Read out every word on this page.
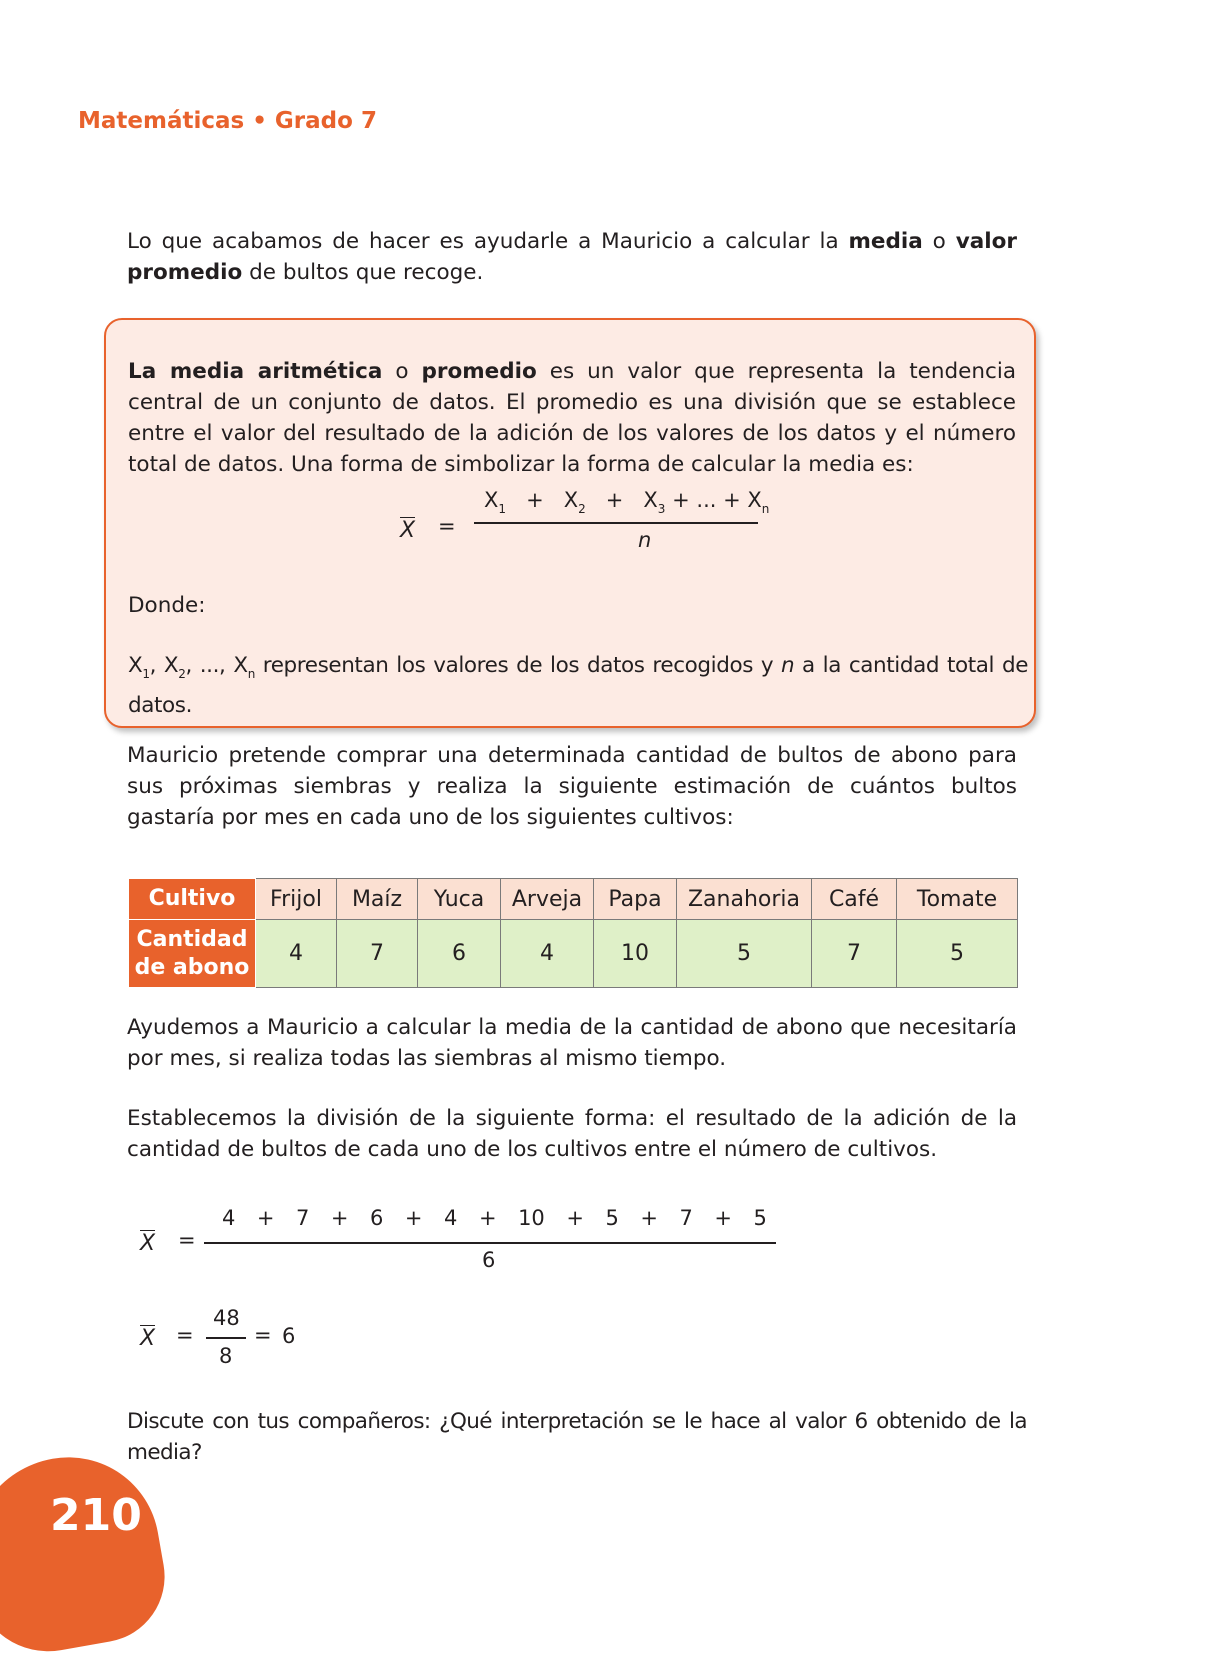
Matemáticas • Grado 7
Lo que acabamos de hacer es ayudarle a Mauricio a calcular la media o valor promedio de bultos que recoge.
La media aritmética o promedio es un valor que representa la tendencia central de un conjunto de datos. El promedio es una división que se establece entre el valor del resultado de la adición de los valores de los datos y el número total de datos. Una forma de simbolizar la forma de calcular la media es:
X =
$X_1 + X_2 + X_3$ + ... + $X_n$
n
Donde:
$X_1$, $X_2$, ..., $X_n$ representan los valores de los datos recogidos y n a la cantidad total de datos.
Mauricio pretende comprar una determinada cantidad de bultos de abono para sus próximas siembras y realiza la siguiente estimación de cuántos bultos gastaría por mes en cada uno de los siguientes cultivos:
Cultivo	Frijol	Maíz	Yuca	Arveja	Papa	Zanahoria	Café	Tomate
Cantidad
de abono	4	7	6	4	10	5	7	5
Ayudemos a Mauricio a calcular la media de la cantidad de abono que necesitaría por mes, si realiza todas las siembras al mismo tiempo.
Establecemos la división de la siguiente forma: el resultado de la adición de la cantidad de bultos de cada uno de los cultivos entre el número de cultivos.
X =
4 + 7 + 6 + 4 + 10 + 5 + 7 + 5
6
X =
48
8
= 6
Discute con tus compañeros: ¿Qué interpretación se le hace al valor 6 obtenido de la media?
210
